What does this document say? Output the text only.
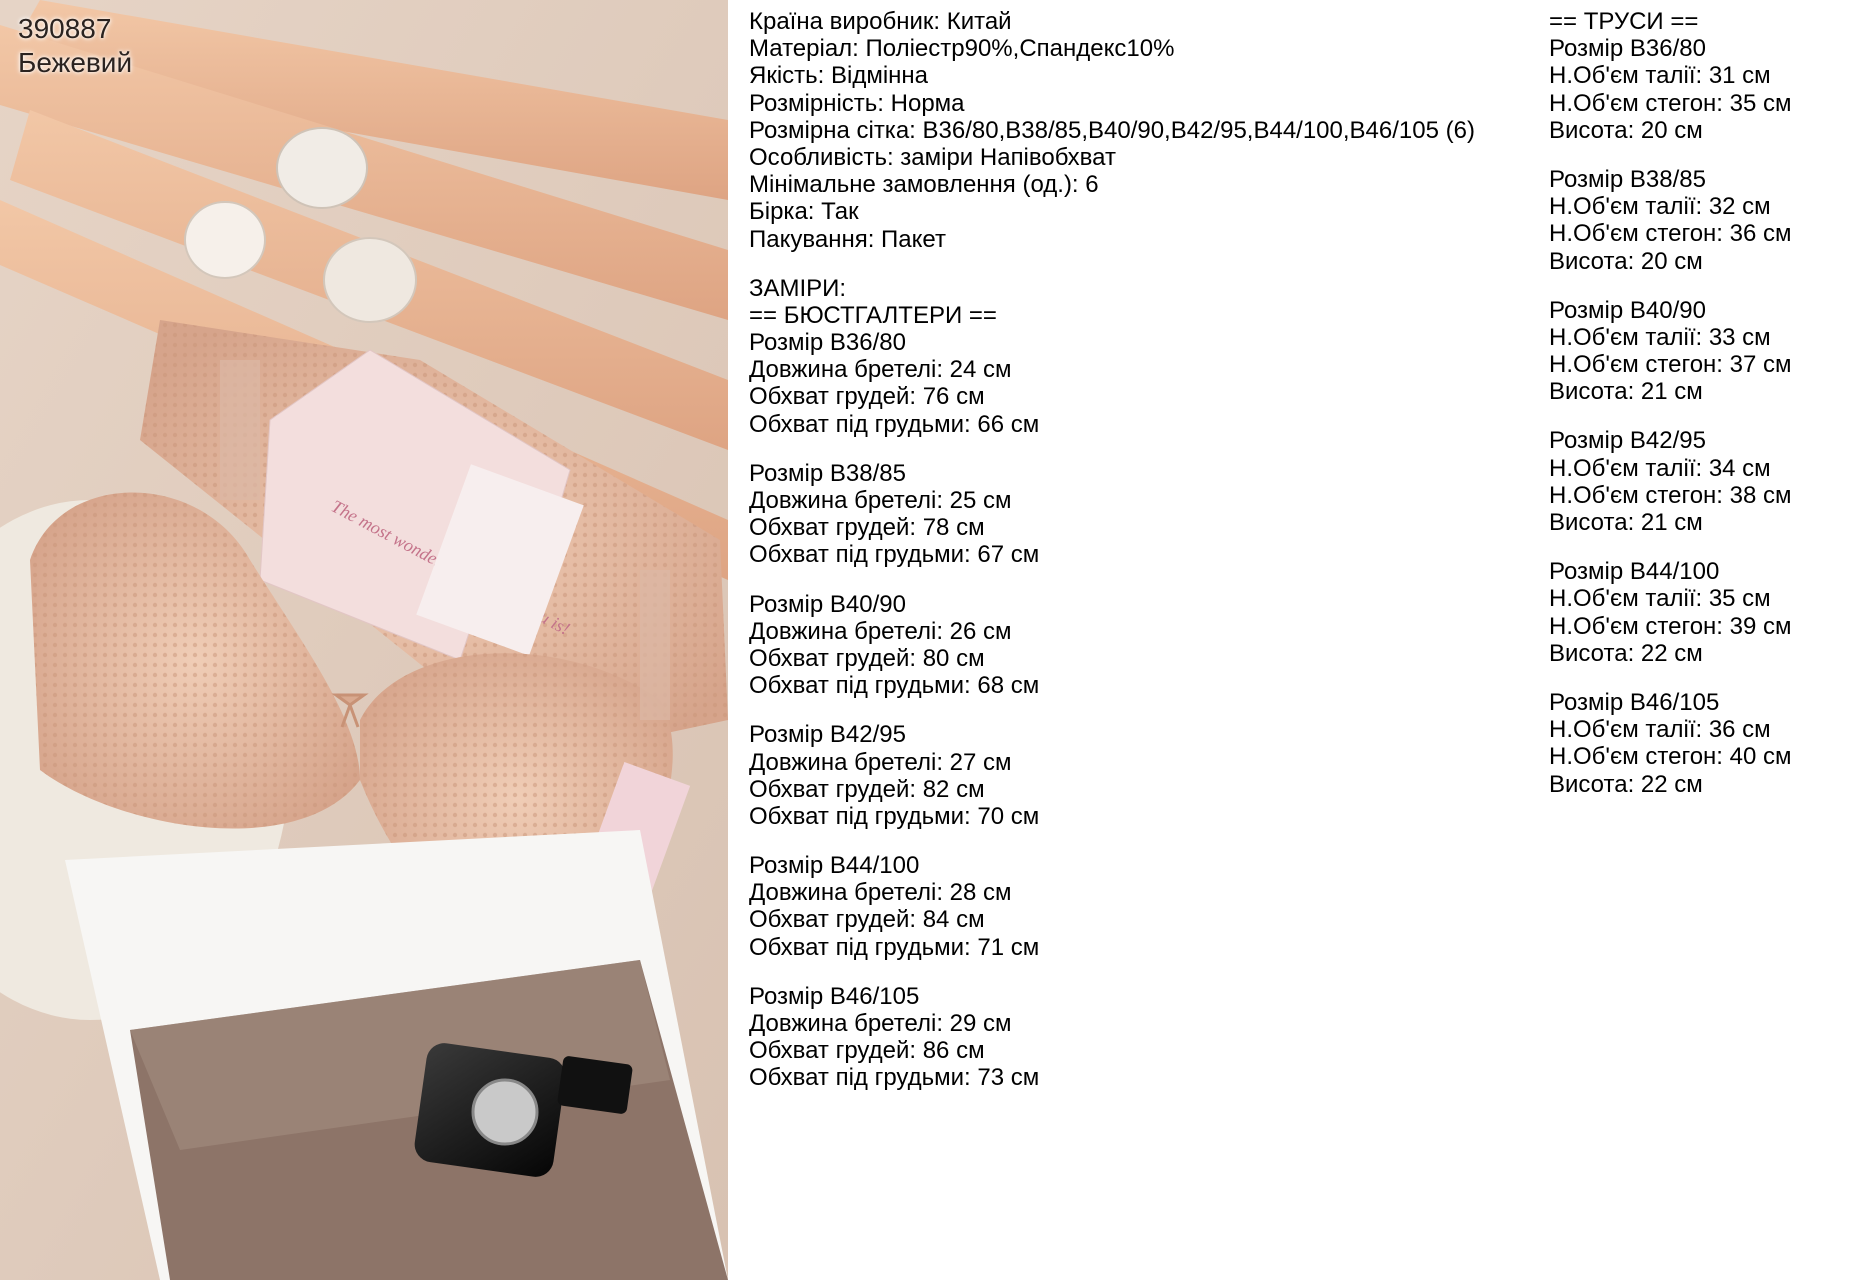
The most wonderful is!
390887
Бежевий
Країна виробник: Китай
Матеріал: Поліестр90%,Спандекс10%
Якість: Відмінна
Розмірність: Норма
Розмірна сітка: B36/80,B38/85,B40/90,B42/95,B44/100,B46/105 (6)
Особливість: заміри Напівобхват
Мінімальне замовлення (од.): 6
Бірка: Так
Пакування: Пакет
ЗАМІРИ:
== БЮСТГАЛТЕРИ ==
Розмір B36/80
Довжина бретелі: 24 см
Обхват грудей: 76 см
Обхват під грудьми: 66 см
Розмір B38/85
Довжина бретелі: 25 см
Обхват грудей: 78 см
Обхват під грудьми: 67 см
Розмір B40/90
Довжина бретелі: 26 см
Обхват грудей: 80 см
Обхват під грудьми: 68 см
Розмір B42/95
Довжина бретелі: 27 см
Обхват грудей: 82 см
Обхват під грудьми: 70 см
Розмір B44/100
Довжина бретелі: 28 см
Обхват грудей: 84 см
Обхват під грудьми: 71 см
Розмір B46/105
Довжина бретелі: 29 см
Обхват грудей: 86 см
Обхват під грудьми: 73 см
== ТРУСИ ==
Розмір B36/80
Н.Об'єм талії: 31 см
Н.Об'єм стегон: 35 см
Висота: 20 см
Розмір B38/85
Н.Об'єм талії: 32 см
Н.Об'єм стегон: 36 см
Висота: 20 см
Розмір B40/90
Н.Об'єм талії: 33 см
Н.Об'єм стегон: 37 см
Висота: 21 см
Розмір B42/95
Н.Об'єм талії: 34 см
Н.Об'єм стегон: 38 см
Висота: 21 см
Розмір B44/100
Н.Об'єм талії: 35 см
Н.Об'єм стегон: 39 см
Висота: 22 см
Розмір B46/105
Н.Об'єм талії: 36 см
Н.Об'єм стегон: 40 см
Висота: 22 см
